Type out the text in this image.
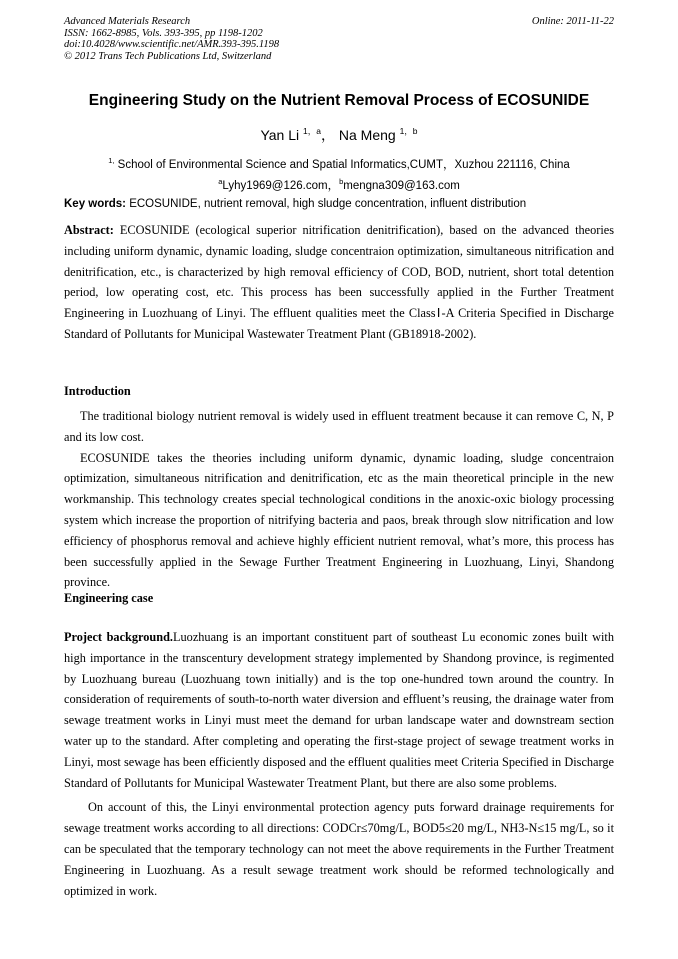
Advanced Materials Research
ISSN: 1662-8985, Vols. 393-395, pp 1198-1202
doi:10.4028/www.scientific.net/AMR.393-395.1198
© 2012 Trans Tech Publications Ltd, Switzerland
Online: 2011-11-22
Engineering Study on the Nutrient Removal Process of ECOSUNIDE
Yan Li $^{1,a}$， Na Meng $^{1,b}$
$^{1,}$ School of Environmental Science and Spatial Informatics,CUMT，Xuzhou 221116, China
$^a$Lyhy1969@126.com，$^b$mengna309@163.com
Key words: ECOSUNIDE, nutrient removal, high sludge concentration, influent distribution
Abstract: ECOSUNIDE (ecological superior nitrification denitrification), based on the advanced theories including uniform dynamic, dynamic loading, sludge concentraion optimization, simultaneous nitrification and denitrification, etc., is characterized by high removal efficiency of COD, BOD, nutrient, short total detention period, low operating cost, etc. This process has been successfully applied in the Further Treatment Engineering in Luozhuang of Linyi. The effluent qualities meet the ClassⅠ-A Criteria Specified in Discharge Standard of Pollutants for Municipal Wastewater Treatment Plant (GB18918-2002).
Introduction

The traditional biology nutrient removal is widely used in effluent treatment because it can remove C, N, P and its low cost.

ECOSUNIDE takes the theories including uniform dynamic, dynamic loading, sludge concentraion optimization, simultaneous nitrification and denitrification, etc as the main theoretical principle in the new workmanship. This technology creates special technological conditions in the anoxic-oxic biology processing system which increase the proportion of nitrifying bacteria and paos, break through slow nitrification and low efficiency of phosphorus removal and achieve highly efficient nutrient removal, what’s more, this process has been successfully applied in the Sewage Further Treatment Engineering in Luozhuang, Linyi, Shandong province.

Engineering case

Project background.Luozhuang is an important constituent part of southeast Lu economic zones built with high importance in the transcentury development strategy implemented by Shandong province, is regimented by Luozhuang bureau (Luozhuang town initially) and is the top one-hundred town around the country. In consideration of requirements of south-to-north water diversion and effluent’s reusing, the drainage water from sewage treatment works in Linyi must meet the demand for urban landscape water and downstream section water up to the standard. After completing and operating the first-stage project of sewage treatment works in Linyi, most sewage has been efficiently disposed and the effluent qualities meet Criteria Specified in Discharge Standard of Pollutants for Municipal Wastewater Treatment Plant, but there are also some problems.

On account of this, the Linyi environmental protection agency puts forward drainage requirements for sewage treatment works according to all directions: CODCr≤70mg/L, BOD5≤20 mg/L, NH3-N≤15 mg/L, so it can be speculated that the temporary technology can not meet the above requirements in the Further Treatment Engineering in Luozhuang. As a result sewage treatment work should be reformed technologically and optimized in work.
